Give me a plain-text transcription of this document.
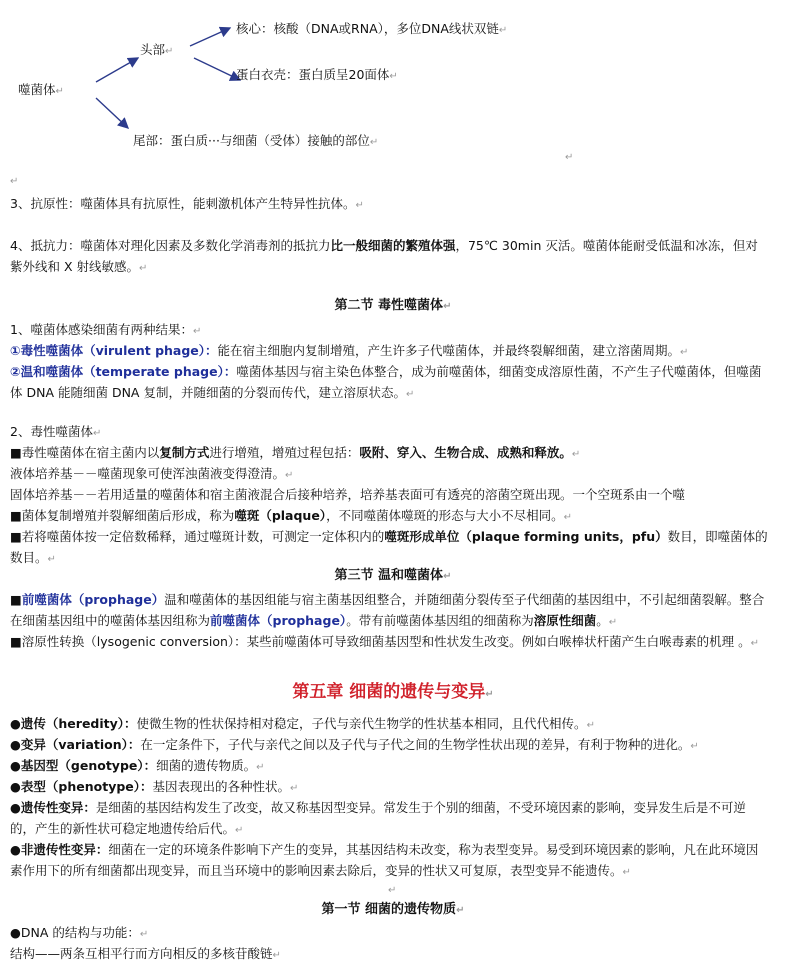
噬菌体↵
头部↵
核心：核酸（DNA或RNA），多位DNA线状双链↵
蛋白衣壳：蛋白质呈20面体↵
尾部：蛋白质···与细菌（受体）接触的部位↵
↵
↵
3、抗原性：噬菌体具有抗原性，能刺激机体产生特异性抗体。↵
4、抵抗力：噬菌体对理化因素及多数化学消毒剂的抵抗力比一般细菌的繁殖体强，75℃ 30min 灭活。噬菌体能耐受低温和冰冻，但对紫外线和 X 射线敏感。↵
第二节 毒性噬菌体↵
1、噬菌体感染细菌有两种结果：↵
①毒性噬菌体（virulent phage）：能在宿主细胞内复制增殖，产生许多子代噬菌体，并最终裂解细菌，建立溶菌周期。↵
②温和噬菌体（temperate phage）：噬菌体基因与宿主染色体整合，成为前噬菌体，细菌变成溶原性菌，不产生子代噬菌体，但噬菌体 DNA 能随细菌 DNA 复制，并随细菌的分裂而传代，建立溶原状态。↵
2、毒性噬菌体↵
■毒性噬菌体在宿主菌内以复制方式进行增殖，增殖过程包括：吸附、穿入、生物合成、成熟和释放。↵
液体培养基－－噬菌现象可使浑浊菌液变得澄清。↵
固体培养基－－若用适量的噬菌体和宿主菌液混合后接种培养，培养基表面可有透亮的溶菌空斑出现。一个空斑系由一个噬
■菌体复制增殖并裂解细菌后形成，称为噬斑（plaque），不同噬菌体噬斑的形态与大小不尽相同。↵
■若将噬菌体按一定倍数稀释，通过噬斑计数，可测定一定体积内的噬斑形成单位（plaque forming units，pfu）数目，即噬菌体的数目。↵
第三节 温和噬菌体↵
■前噬菌体（prophage）温和噬菌体的基因组能与宿主菌基因组整合，并随细菌分裂传至子代细菌的基因组中，不引起细菌裂解。整合在细菌基因组中的噬菌体基因组称为前噬菌体（prophage）。带有前噬菌体基因组的细菌称为溶原性细菌。↵
■溶原性转换（lysogenic conversion）：某些前噬菌体可导致细菌基因型和性状发生改变。例如白喉棒状杆菌产生白喉毒素的机理 。↵
第五章 细菌的遗传与变异↵
●遗传（heredity）：使微生物的性状保持相对稳定，子代与亲代生物学的性状基本相同，且代代相传。↵
●变异（variation）：在一定条件下，子代与亲代之间以及子代与子代之间的生物学性状出现的差异，有利于物种的进化。↵
●基因型（genotype）：细菌的遗传物质。↵
●表型（phenotype）：基因表现出的各种性状。↵
●遗传性变异：是细菌的基因结构发生了改变，故又称基因型变异。常发生于个别的细菌，不受环境因素的影响，变异发生后是不可逆的，产生的新性状可稳定地遗传给后代。↵
●非遗传性变异：细菌在一定的环境条件影响下产生的变异，其基因结构未改变，称为表型变异。易受到环境因素的影响，凡在此环境因素作用下的所有细菌都出现变异，而且当环境中的影响因素去除后，变异的性状又可复原，表型变异不能遗传。↵
↵
第一节 细菌的遗传物质↵
●DNA 的结构与功能：↵
结构——两条互相平行而方向相反的多核苷酸链↵
